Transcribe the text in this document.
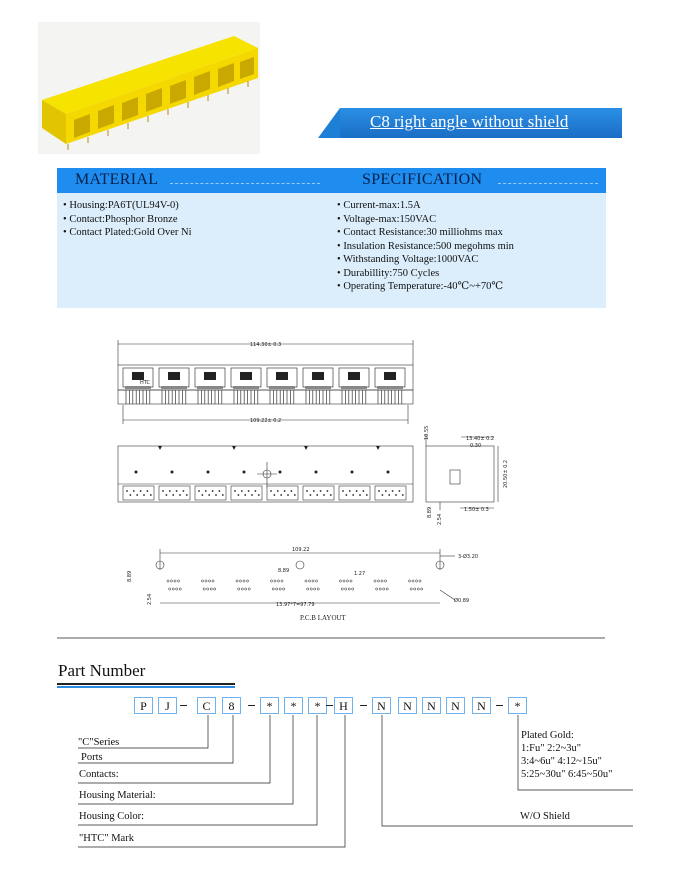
C8 right angle without shield
MATERIAL	SPECIFICATION
• Housing:PA6T(UL94V-0)
• Contact:Phosphor Bronze
• Contact Plated:Gold Over Ni
• Current-max:1.5A
• Voltage-max:150VAC
• Contact Resistance:30 milliohms max
• Insulation Resistance:500 megohms min
• Withstanding Voltage:1000VAC
• Durabillity:750 Cycles
• Operating Temperature:-40℃~+70℃
114.30± 0.3
109.22± 0.2
HTC
13.40± 0.2
0.30
10.55
20.50± 0.2
1.50± 0.3
8.89
2.54
109.22
3-Ø3.20
8.89	1.27
8.89
2.54	13.97*7=97.79
Ø0.89
P.C.B LAYOUT
Part Number
P	J	C	8	*	*	*	H	N	N	N	N	N	*
"C"Series
Ports
Contacts:
Housing Material:
Housing Color:
"HTC" Mark
W/O Shield
Plated Gold:
1:Fu" 2:2~3u"
3:4~6u" 4:12~15u"
5:25~30u" 6:45~50u"
